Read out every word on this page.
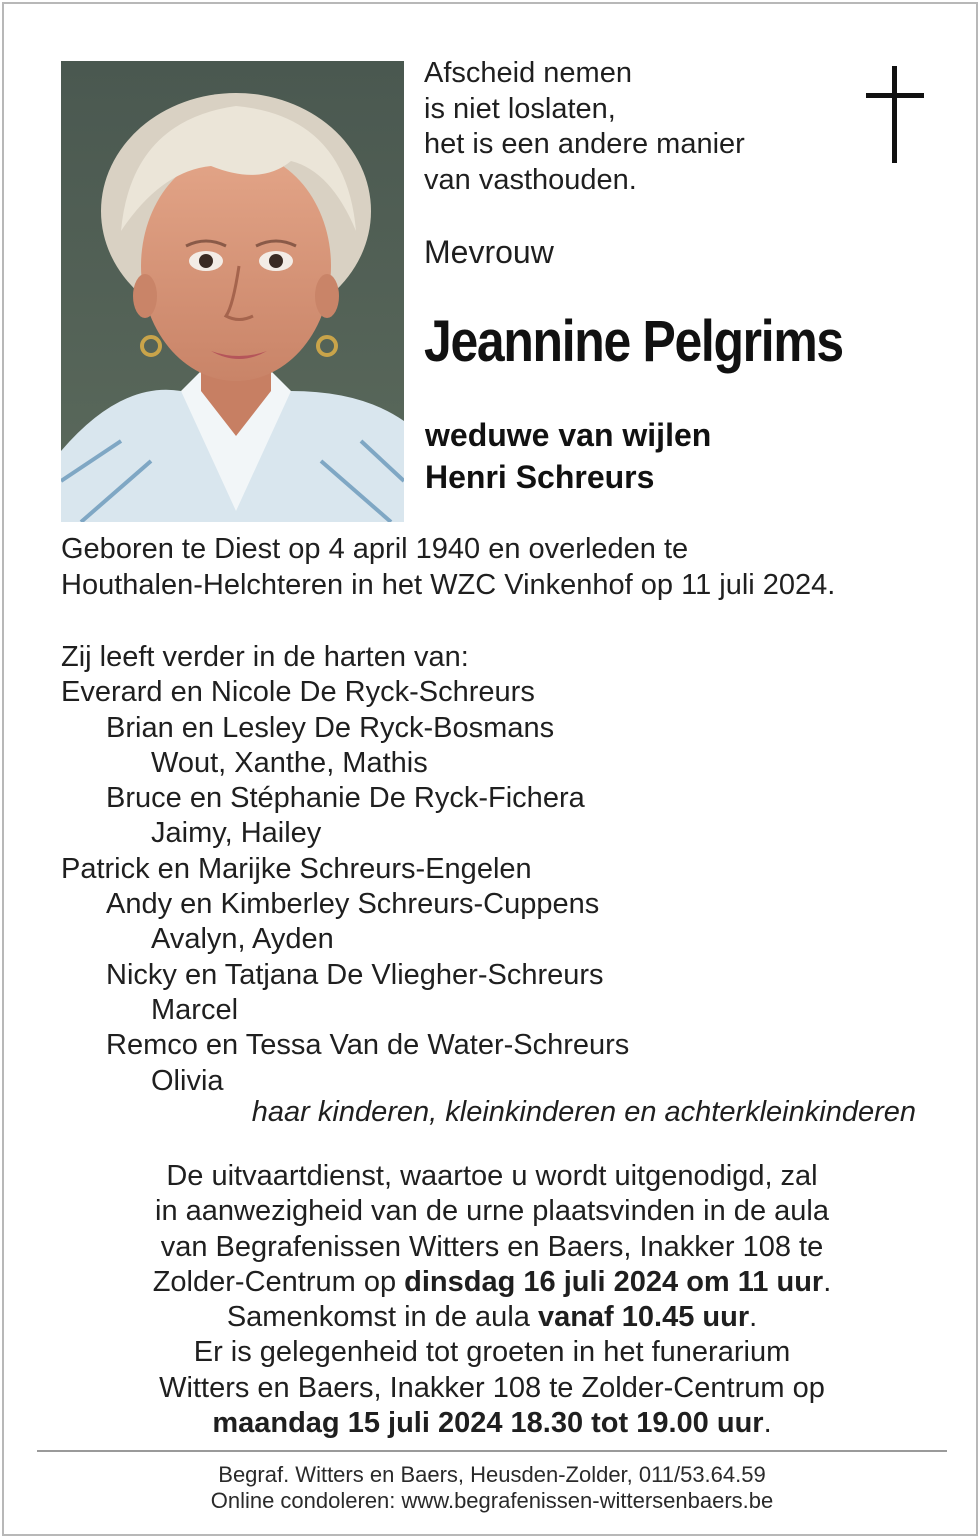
Afscheid nemen
is niet loslaten,
het is een andere manier
van vasthouden.
Mevrouw
Jeannine Pelgrims
weduwe van wijlen
Henri Schreurs
Geboren te Diest op 4 april 1940 en overleden te
Houthalen-Helchteren in het WZC Vinkenhof op 11 juli 2024.
Zij leeft verder in de harten van:
Everard en Nicole De Ryck-Schreurs
Brian en Lesley De Ryck-Bosmans
Wout, Xanthe, Mathis
Bruce en Stéphanie De Ryck-Fichera
Jaimy, Hailey
Patrick en Marijke Schreurs-Engelen
Andy en Kimberley Schreurs-Cuppens
Avalyn, Ayden
Nicky en Tatjana De Vliegher-Schreurs
Marcel
Remco en Tessa Van de Water-Schreurs
Olivia
haar kinderen, kleinkinderen en achterkleinkinderen
De uitvaartdienst, waartoe u wordt uitgenodigd, zal
in aanwezigheid van de urne plaatsvinden in de aula
van Begrafenissen Witters en Baers, Inakker 108 te
Zolder-Centrum op dinsdag 16 juli 2024 om 11 uur.
Samenkomst in de aula vanaf 10.45 uur.
Er is gelegenheid tot groeten in het funerarium
Witters en Baers, Inakker 108 te Zolder-Centrum op
maandag 15 juli 2024 18.30 tot 19.00 uur.
Begraf. Witters en Baers, Heusden-Zolder, 011/53.64.59
Online condoleren: www.begrafenissen-wittersenbaers.be
